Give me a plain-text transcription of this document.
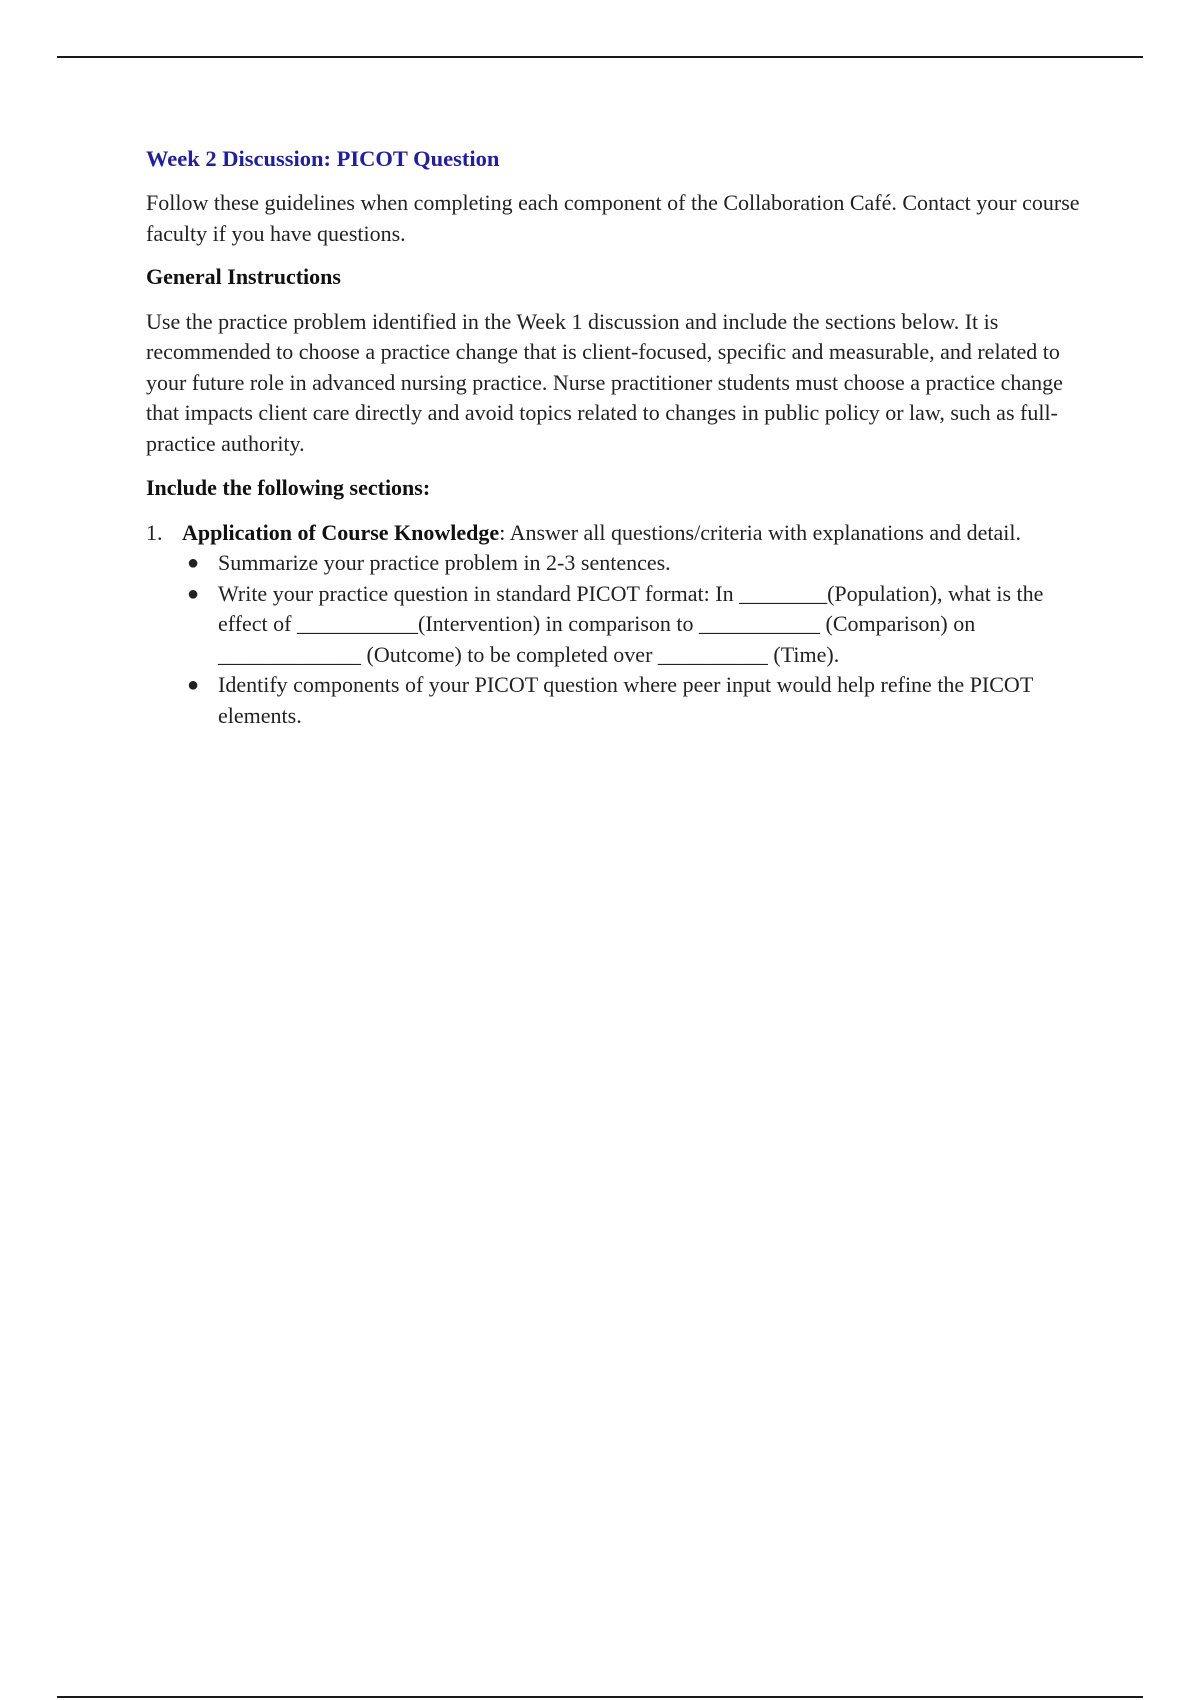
Week 2 Discussion: PICOT Question

Follow these guidelines when completing each component of the Collaboration Café. Contact your course faculty if you have questions.

General Instructions

Use the practice problem identified in the Week 1 discussion and include the sections below. It is recommended to choose a practice change that is client-focused, specific and measurable, and related to your future role in advanced nursing practice. Nurse practitioner students must choose a practice change that impacts client care directly and avoid topics related to changes in public policy or law, such as full-practice authority.

Include the following sections:

1. Application of Course Knowledge: Answer all questions/criteria with explanations and detail.
● Summarize your practice problem in 2-3 sentences.
● Write your practice question in standard PICOT format: In ________(Population), what is the effect of ___________(Intervention) in comparison to ___________ (Comparison) on _____________ (Outcome) to be completed over __________ (Time).
● Identify components of your PICOT question where peer input would help refine the PICOT elements.
